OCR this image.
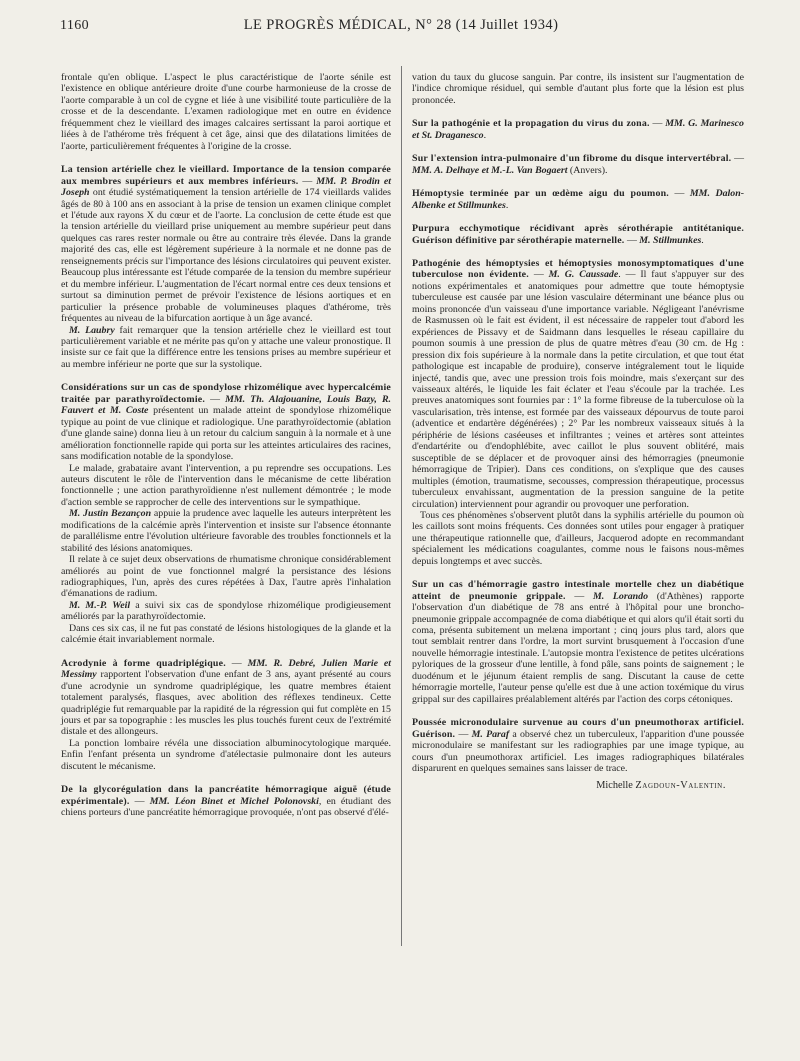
1160	LE PROGRÈS MÉDICAL, N° 28 (14 Juillet 1934)

frontale qu'en oblique. L'aspect le plus caractéristique de l'aorte sénile est l'existence en oblique antérieure droite d'une courbe harmonieuse de la crosse de l'aorte comparable à un col de cygne et liée à une visibilité toute particulière de la crosse et de la descendante. L'examen radiologique met en outre en évidence fréquemment chez le vieillard des images calcaires sertissant la paroi aortique et liées à de l'athérome très fréquent à cet âge, ainsi que des dilatations limitées de l'aorte, particulièrement fréquentes à l'origine de la crosse.

La tension artérielle chez le vieillard. Importance de la tension comparée aux membres supérieurs et aux membres inférieurs. — MM. P. Brodin et Joseph ont étudié systématiquement la tension artérielle de 174 vieillards valides âgés de 80 à 100 ans en associant à la prise de tension un examen clinique complet et l'étude aux rayons X du cœur et de l'aorte. La conclusion de cette étude est que la tension artérielle du vieillard prise uniquement au membre supérieur peut dans quelques cas rares rester normale ou être au contraire très élevée. Dans la grande majorité des cas, elle est légèrement supérieure à la normale et ne donne pas de renseignements précis sur l'importance des lésions circulatoires qui peuvent exister. Beaucoup plus intéressante est l'étude comparée de la tension du membre supérieur et du membre inférieur. L'augmentation de l'écart normal entre ces deux tensions et surtout sa diminution permet de prévoir l'existence de lésions aortiques et en particulier la présence probable de volumineuses plaques d'athérome, très fréquentes au niveau de la bifurcation aortique à un âge avancé.

M. Laubry fait remarquer que la tension artérielle chez le vieillard est tout particulièrement variable et ne mérite pas qu'on y attache une valeur pronostique. Il insiste sur ce fait que la différence entre les tensions prises au membre supérieur et au membre inférieur ne porte que sur la systolique.

Considérations sur un cas de spondylose rhizomélique avec hypercalcémie traitée par parathyroïdectomie. — MM. Th. Alajouanine, Louis Bazy, R. Fauvert et M. Coste présentent un malade atteint de spondylose rhizomélique typique au point de vue clinique et radiologique. Une parathyroïdectomie (ablation d'une glande saine) donna lieu à un retour du calcium sanguin à la normale et à une amélioration fonctionnelle rapide qui porta sur les atteintes articulaires des racines, sans modification notable de la spondylose.

Le malade, grabataire avant l'intervention, a pu reprendre ses occupations. Les auteurs discutent le rôle de l'intervention dans le mécanisme de cette libération fonctionnelle ; une action parathyroïdienne n'est nullement démontrée ; le mode d'action semble se rapprocher de celle des interventions sur le sympathique.

M. Justin Bezançon appuie la prudence avec laquelle les auteurs interprètent les modifications de la calcémie après l'intervention et insiste sur l'absence étonnante de parallélisme entre l'évolution ultérieure favorable des troubles fonctionnels et la stabilité des lésions anatomiques.

Il relate à ce sujet deux observations de rhumatisme chronique considérablement améliorés au point de vue fonctionnel malgré la persistance des lésions radiographiques, l'un, après des cures répétées à Dax, l'autre après l'inhalation d'émanations de radium.

M. M.-P. Weil a suivi six cas de spondylose rhizomélique prodigieusement améliorés par la parathyroïdectomie.

Dans ces six cas, il ne fut pas constaté de lésions histologiques de la glande et la calcémie était invariablement normale.

Acrodynie à forme quadriplégique. — MM. R. Debré, Julien Marie et Messimy rapportent l'observation d'une enfant de 3 ans, ayant présenté au cours d'une acrodynie un syndrome quadriplégique, les quatre membres étaient totalement paralysés, flasques, avec abolition des réflexes tendineux. Cette quadriplégie fut remarquable par la rapidité de la régression qui fut complète en 15 jours et par sa topographie : les muscles les plus touchés furent ceux de l'extrémité distale et des allongeurs.

La ponction lombaire révéla une dissociation albuminocytologique marquée. Enfin l'enfant présenta un syndrome d'atélectasie pulmonaire dont les auteurs discutent le mécanisme.

De la glycorégulation dans la pancréatite hémorragique aiguë (étude expérimentale). — MM. Léon Binet et Michel Polonovski, en étudiant des chiens porteurs d'une pancréatite hémorragique provoquée, n'ont pas observé d'élé-

vation du taux du glucose sanguin. Par contre, ils insistent sur l'augmentation de l'indice chromique résiduel, qui semble d'autant plus forte que la lésion est plus prononcée.

Sur la pathogénie et la propagation du virus du zona. — MM. G. Marinesco et St. Draganesco.

Sur l'extension intra-pulmonaire d'un fibrome du disque intervertébral. — MM. A. Delhaye et M.-L. Van Bogaert (Anvers).

Hémoptysie terminée par un œdème aigu du poumon. — MM. Dalon-Albenke et Stillmunkes.

Purpura ecchymotique récidivant après sérothérapie antitétanique. Guérison définitive par sérothérapie maternelle. — M. Stillmunkes.

Pathogénie des hémoptysies et hémoptysies monosymptomatiques d'une tuberculose non évidente. — M. G. Caussade. — Il faut s'appuyer sur des notions expérimentales et anatomiques pour admettre que toute hémoptysie tuberculeuse est causée par une lésion vasculaire déterminant une béance plus ou moins prononcée d'un vaisseau d'une importance variable. Négligeant l'anévrisme de Rasmussen où le fait est évident, il est nécessaire de rappeler tout d'abord les expériences de Pissavy et de Saidmann dans lesquelles le réseau capillaire du poumon soumis à une pression de plus de quatre mètres d'eau (30 cm. de Hg : pression dix fois supérieure à la normale dans la petite circulation, et que tout état pathologique est incapable de produire), conserve intégralement tout le liquide injecté, tandis que, avec une pression trois fois moindre, mais s'exerçant sur des vaisseaux altérés, le liquide les fait éclater et l'eau s'écoule par la trachée. Les preuves anatomiques sont fournies par : 1° la forme fibreuse de la tuberculose où la vascularisation, très intense, est formée par des vaisseaux dépourvus de toute paroi (adventice et endartère dégénérées) ; 2° Par les nombreux vaisseaux situés à la périphérie de lésions caséeuses et infiltrantes ; veines et artères sont atteintes d'endartérite ou d'endophlébite, avec caillot le plus souvent oblitéré, mais susceptible de se déplacer et de provoquer ainsi des hémorragies (pneumonie hémorragique de Tripier). Dans ces conditions, on s'explique que des causes multiples (émotion, traumatisme, secousses, compression thérapeutique, processus tuberculeux envahissant, augmentation de la pression sanguine de la petite circulation) interviennent pour agrandir ou provoquer une perforation.

Tous ces phénomènes s'observent plutôt dans la syphilis artérielle du poumon où les caillots sont moins fréquents. Ces données sont utiles pour engager à pratiquer une thérapeutique rationnelle que, d'ailleurs, Jacquerod adopte en recommandant spécialement les médications coagulantes, comme nous le faisons nous-mêmes depuis longtemps et avec succès.

Sur un cas d'hémorragie gastro intestinale mortelle chez un diabétique atteint de pneumonie grippale. — M. Lorando (d'Athènes) rapporte l'observation d'un diabétique de 78 ans entré à l'hôpital pour une broncho-pneumonie grippale accompagnée de coma diabétique et qui alors qu'il était sorti du coma, présenta subitement un melæna important ; cinq jours plus tard, alors que tout semblait rentrer dans l'ordre, la mort survint brusquement à l'occasion d'une nouvelle hémorragie intestinale. L'autopsie montra l'existence de petites ulcérations pyloriques de la grosseur d'une lentille, à fond pâle, sans points de saignement ; le duodénum et le jéjunum étaient remplis de sang. Discutant la cause de cette hémorragie mortelle, l'auteur pense qu'elle est due à une action toxémique du virus grippal sur des capillaires préalablement altérés par l'action des corps cétoniques.

Poussée micronodulaire survenue au cours d'un pneumothorax artificiel. Guérison. — M. Paraf a observé chez un tuberculeux, l'apparition d'une poussée micronodulaire se manifestant sur les radiographies par une image typique, au cours d'un pneumothorax artificiel. Les images radiographiques bilatérales disparurent en quelques semaines sans laisser de trace.

Michelle Zagdoun-Valentin.
